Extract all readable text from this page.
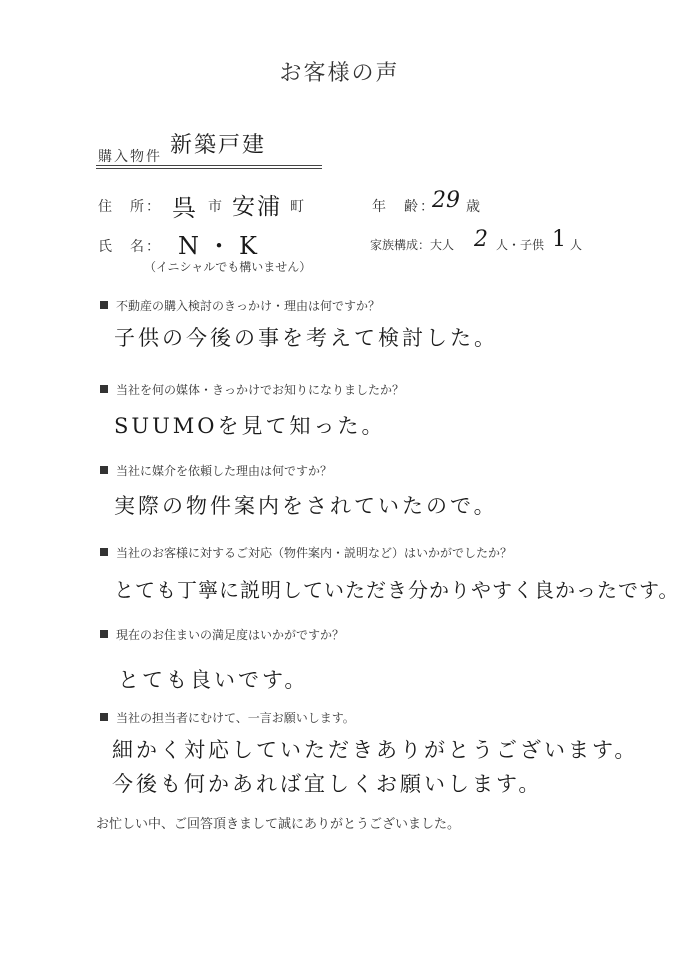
お客様の声
購入物件 新築戸建
住　所： 呉 市 安浦 町	年　齢：
29 歳
氏　名： N・K
（イニシャルでも構いません）
家族構成：大人 2 人・子供 1 人
不動産の購入検討のきっかけ・理由は何ですか？
子供の今後の事を考えて検討した。
当社を何の媒体・きっかけでお知りになりましたか？
SUUMOを見て知った。
当社に媒介を依頼した理由は何ですか？
実際の物件案内をされていたので。
当社のお客様に対するご対応（物件案内・説明など）はいかがでしたか？
とても丁寧に説明していただき分かりやすく良かったです。
現在のお住まいの満足度はいかがですか？
とても良いです。
当社の担当者にむけて、一言お願いします。
細かく対応していただきありがとうございます。
今後も何かあれば宜しくお願いします。
お忙しい中、ご回答頂きまして誠にありがとうございました。
